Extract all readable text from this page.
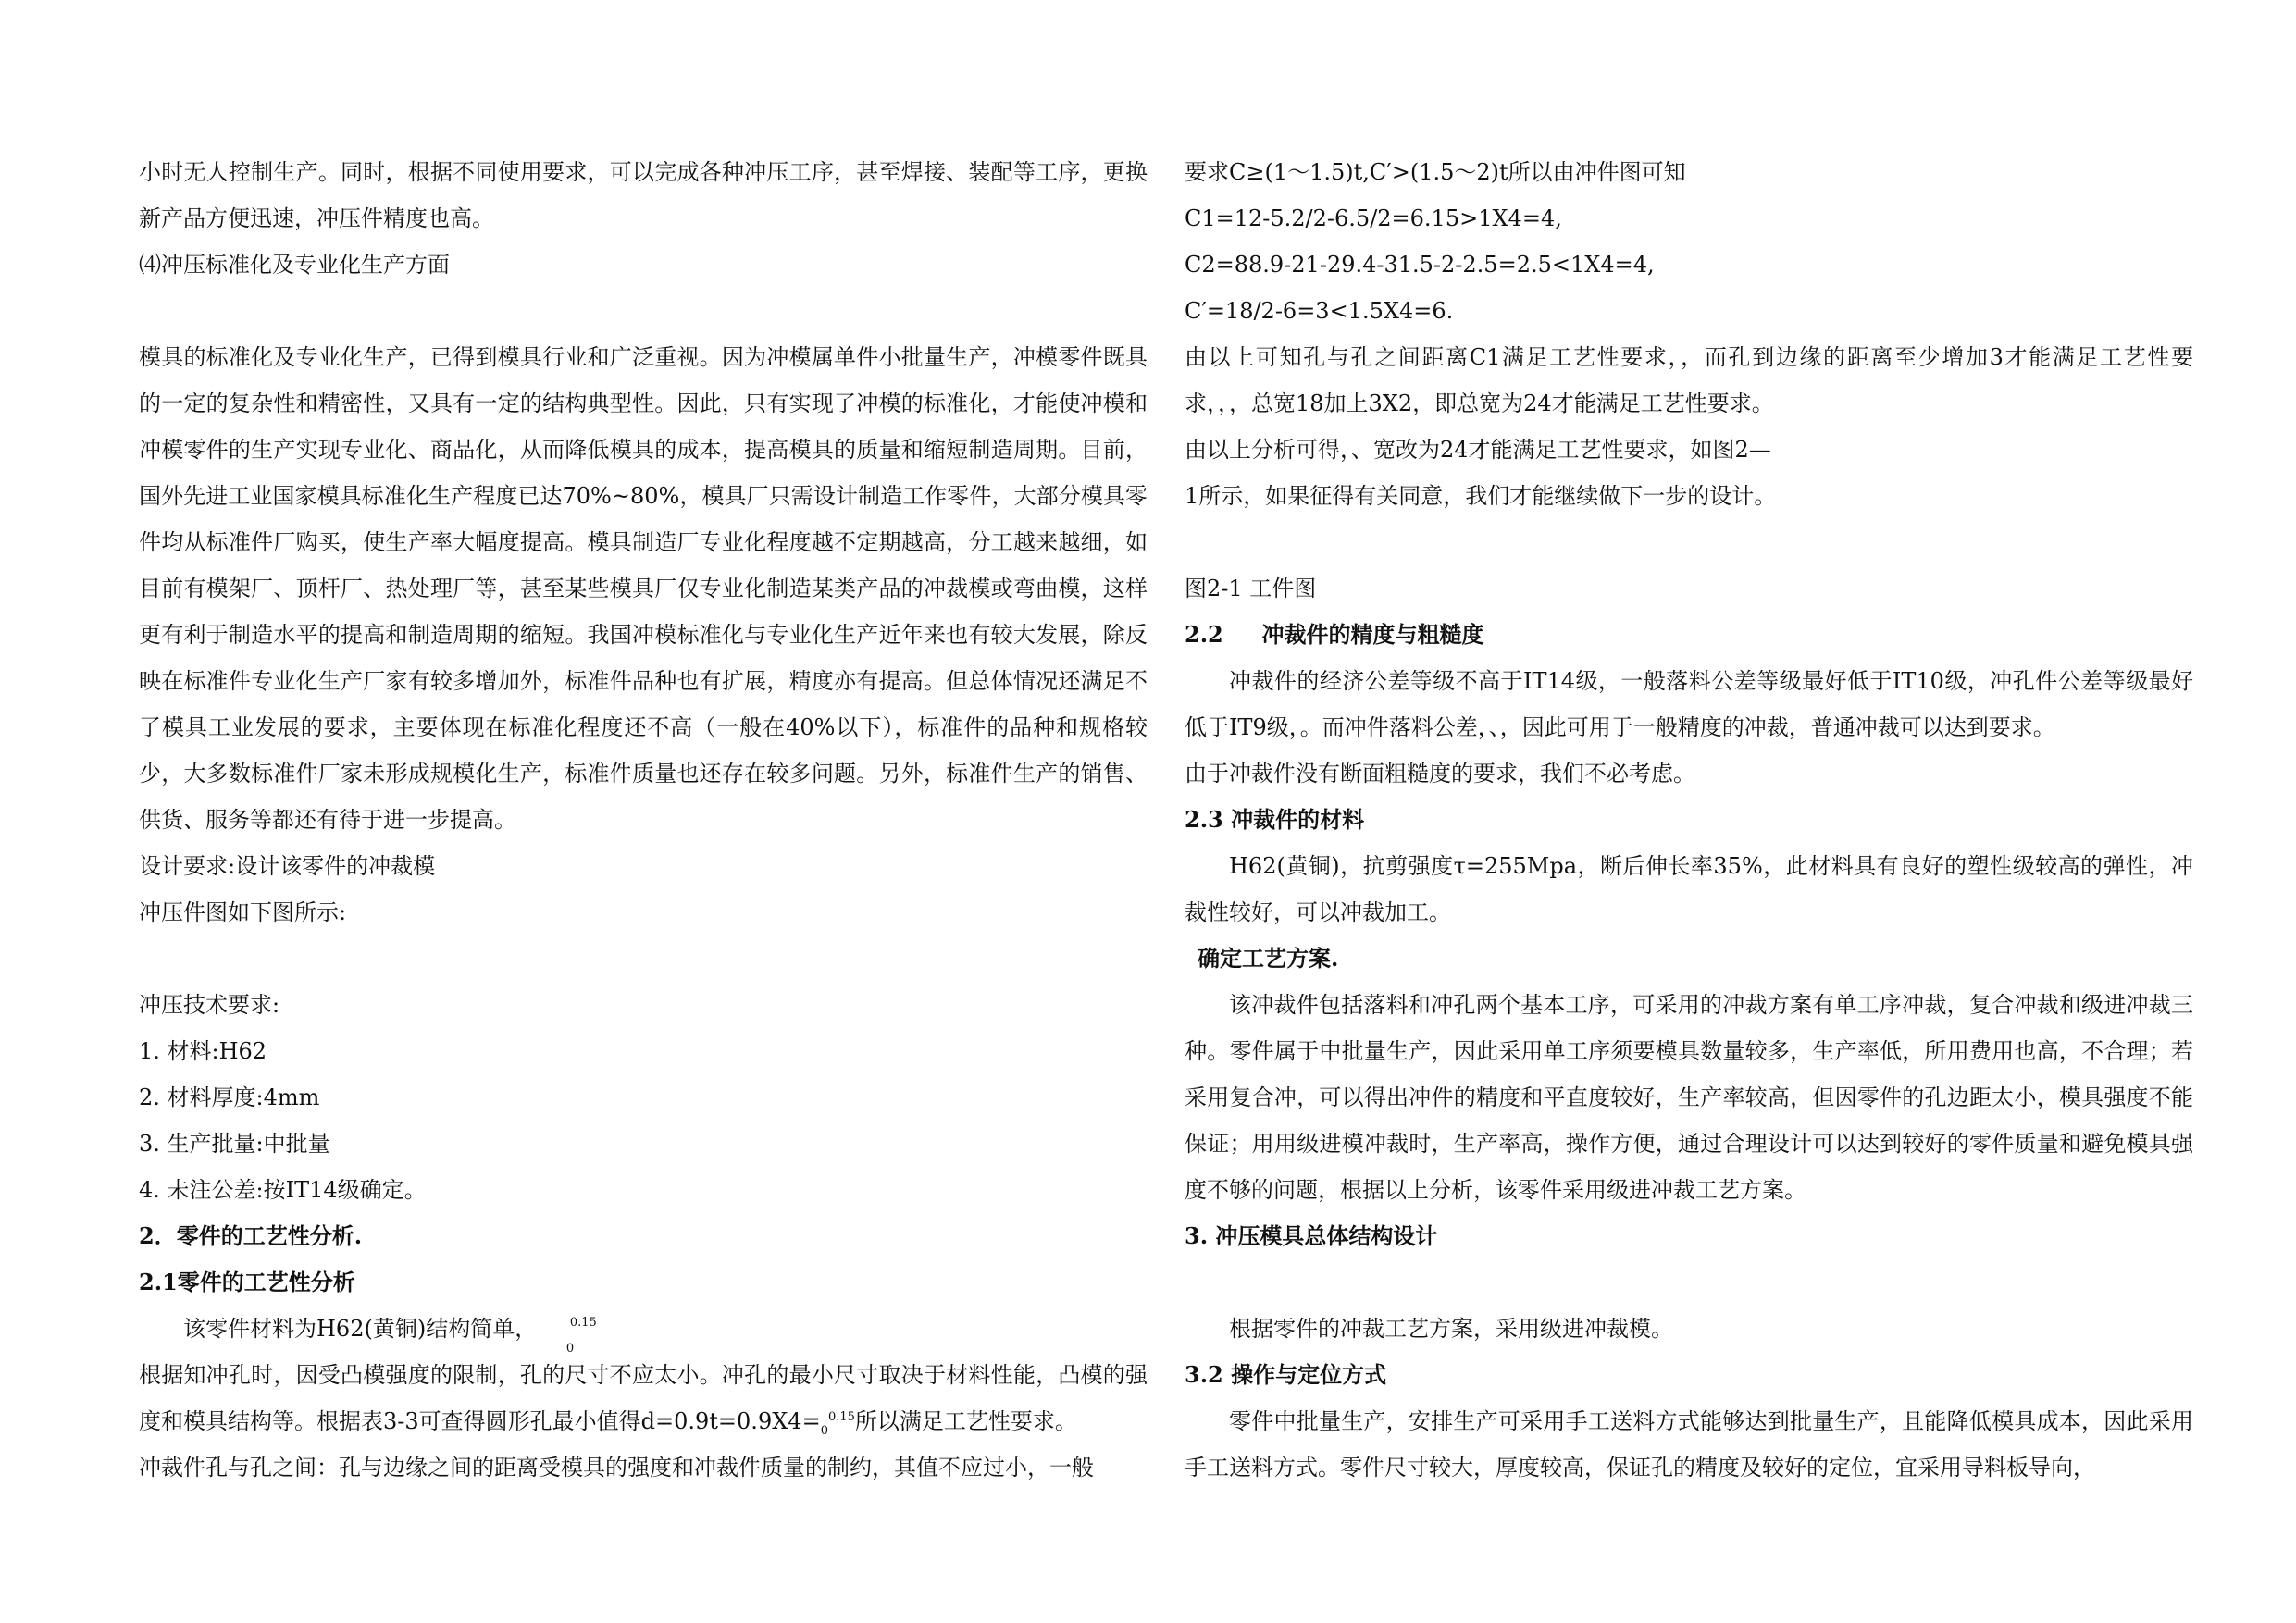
小时无人控制生产。同时，根据不同使用要求，可以完成各种冲压工序，甚至焊接、装配等工序，更换新产品方便迅速，冲压件精度也高。

⑷冲压标准化及专业化生产方面

模具的标准化及专业化生产，已得到模具行业和广泛重视。因为冲模属单件小批量生产，冲模零件既具的一定的复杂性和精密性，又具有一定的结构典型性。因此，只有实现了冲模的标准化，才能使冲模和冲模零件的生产实现专业化、商品化，从而降低模具的成本，提高模具的质量和缩短制造周期。目前，国外先进工业国家模具标准化生产程度已达70%~80%，模具厂只需设计制造工作零件，大部分模具零件均从标准件厂购买，使生产率大幅度提高。模具制造厂专业化程度越不定期越高，分工越来越细，如目前有模架厂、顶杆厂、热处理厂等，甚至某些模具厂仅专业化制造某类产品的冲裁模或弯曲模，这样更有利于制造水平的提高和制造周期的缩短。我国冲模标准化与专业化生产近年来也有较大发展，除反映在标准件专业化生产厂家有较多增加外，标准件品种也有扩展，精度亦有提高。但总体情况还满足不了模具工业发展的要求，主要体现在标准化程度还不高（一般在40%以下），标准件的品种和规格较少，大多数标准件厂家未形成规模化生产，标准件质量也还存在较多问题。另外，标准件生产的销售、供货、服务等都还有待于进一步提高。

设计要求:设计该零件的冲裁模

冲压件图如下图所示:

冲压技术要求:

1. 材料:H62

2. 材料厚度:4mm

3. 生产批量:中批量

4. 未注公差:按IT14级确定。

2．零件的工艺性分析.

2.1零件的工艺性分析

该零件材料为H62(黄铜)结构简单，	0.15
0

根据知冲孔时，因受凸模强度的限制，孔的尺寸不应太小。冲孔的最小尺寸取决于材料性能，凸模的强度和模具结构等。根据表3-3可查得圆形孔最小值得$d=0.9t=0.9X4=_0^{0.15}$所以满足工艺性要求。

冲裁件孔与孔之间：孔与边缘之间的距离受模具的强度和冲裁件质量的制约，其值不应过小，一般

要求C≥(1～1.5)t,C′>(1.5～2)t所以由冲件图可知

C1=12-5.2/2-6.5/2=6.15>1X4=4,

C2=88.9-21-29.4-31.5-2-2.5=2.5<1X4=4,

C′=18/2-6=3<1.5X4=6.

由以上可知孔与孔之间距离C1满足工艺性要求，，而孔到边缘的距离至少增加3才能满足工艺性要求，，，总宽18加上3X2，即总宽为24才能满足工艺性要求。

由以上分析可得，、宽改为24才能满足工艺性要求，如图2—

1所示，如果征得有关同意，我们才能继续做下一步的设计。

图2-1 工件图

2.2     冲裁件的精度与粗糙度

冲裁件的经济公差等级不高于IT14级，一般落料公差等级最好低于IT10级，冲孔件公差等级最好低于IT9级，。而冲件落料公差，、，因此可用于一般精度的冲裁，普通冲裁可以达到要求。

由于冲裁件没有断面粗糙度的要求，我们不必考虑。

2.3 冲裁件的材料

H62(黄铜)，抗剪强度τ=255Mpa，断后伸长率35%，此材料具有良好的塑性级较高的弹性，冲裁性较好，可以冲裁加工。

确定工艺方案.

该冲裁件包括落料和冲孔两个基本工序，可采用的冲裁方案有单工序冲裁，复合冲裁和级进冲裁三种。零件属于中批量生产，因此采用单工序须要模具数量较多，生产率低，所用费用也高，不合理；若采用复合冲，可以得出冲件的精度和平直度较好，生产率较高，但因零件的孔边距太小，模具强度不能保证；用用级进模冲裁时，生产率高，操作方便，通过合理设计可以达到较好的零件质量和避免模具强度不够的问题，根据以上分析，该零件采用级进冲裁工艺方案。

3. 冲压模具总体结构设计

根据零件的冲裁工艺方案，采用级进冲裁模。

3.2 操作与定位方式

零件中批量生产，安排生产可采用手工送料方式能够达到批量生产，且能降低模具成本，因此采用手工送料方式。零件尺寸较大，厚度较高，保证孔的精度及较好的定位，宜采用导料板导向，
